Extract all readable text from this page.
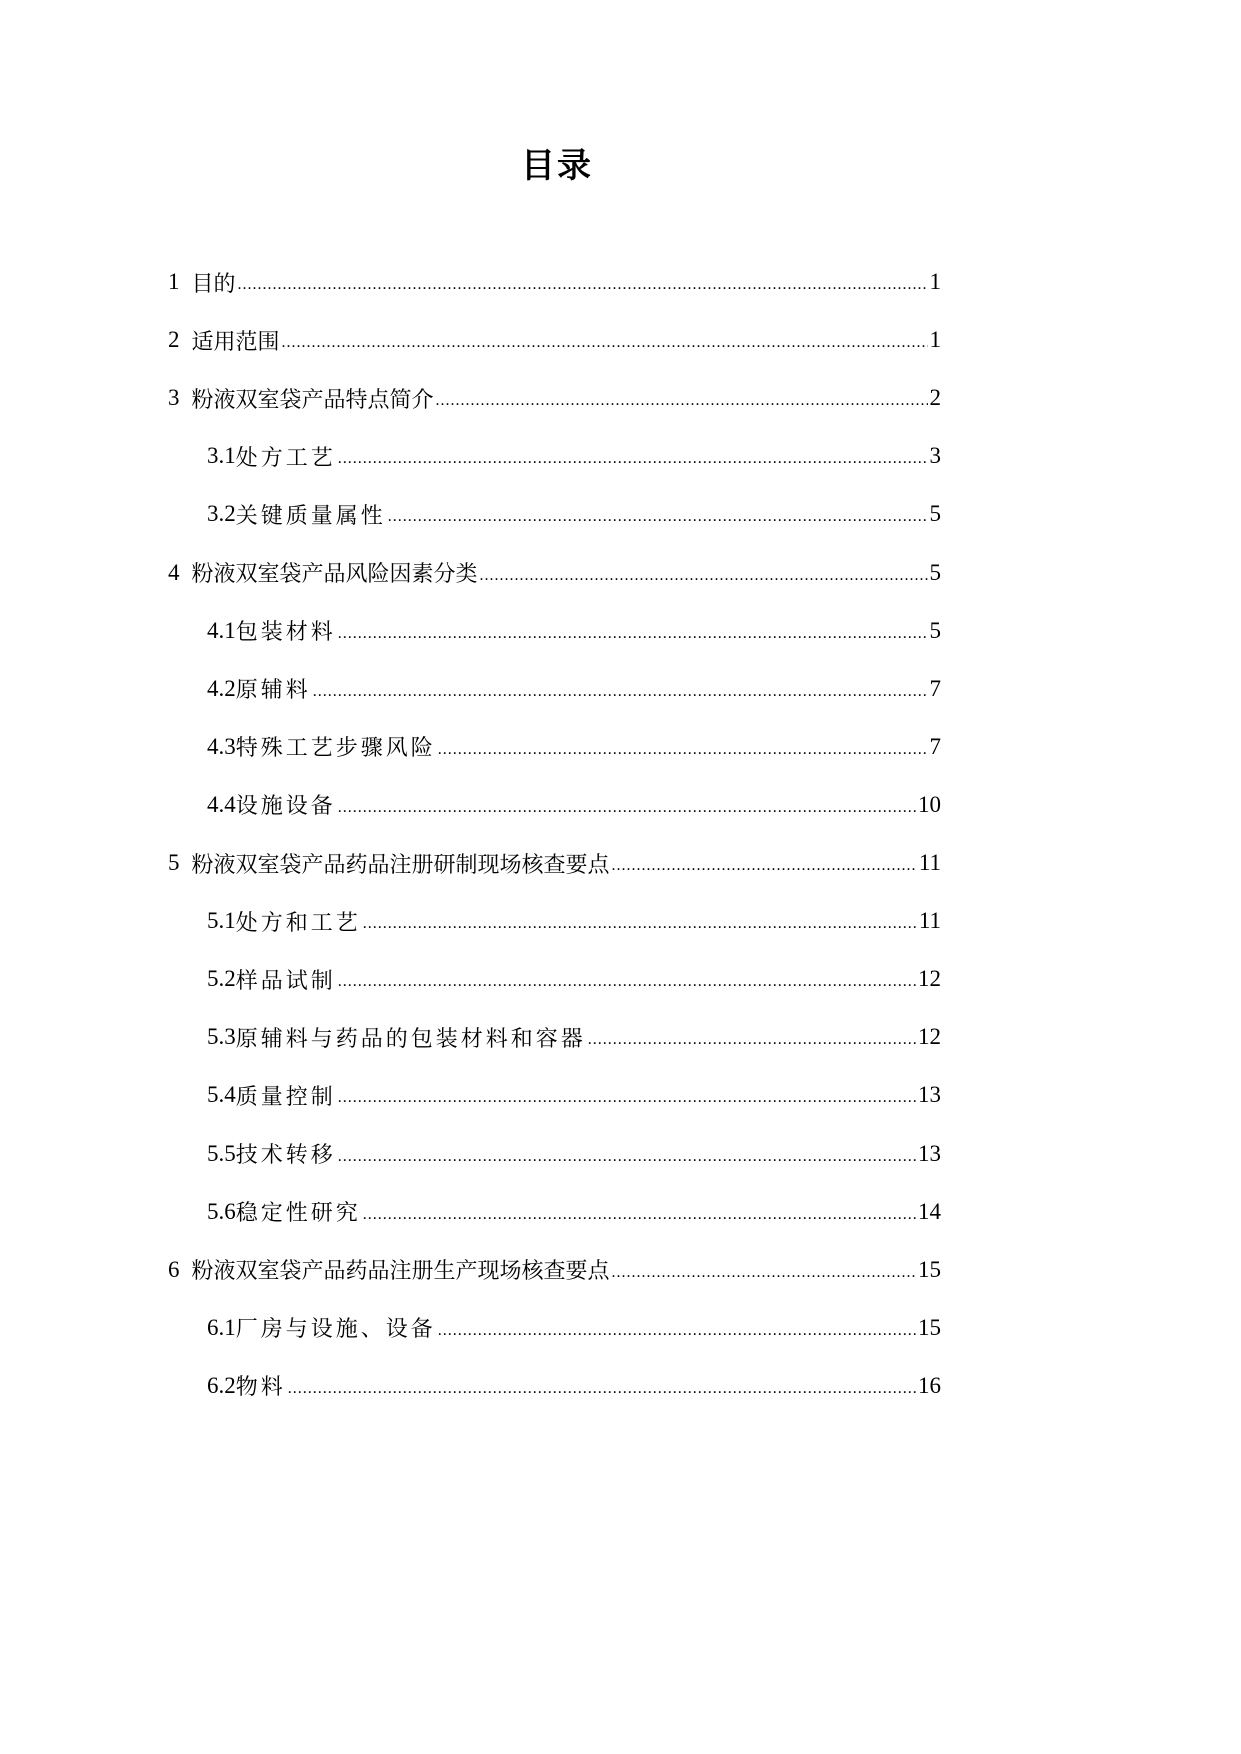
目录
1 目的 .....	1
2 适用范围 .....	1
3 粉液双室袋产品特点简介 .....	2
3.1 处方工艺 .....	3
3.2 关键质量属性 .....	5
4 粉液双室袋产品风险因素分类 .....	5
4.1 包装材料 .....	5
4.2 原辅料 .....	7
4.3 特殊工艺步骤风险 .....	7
4.4 设施设备 .....	10
5 粉液双室袋产品药品注册研制现场核查要点 .....	11
5.1 处方和工艺 .....	11
5.2 样品试制 .....	12
5.3 原辅料与药品的包装材料和容器 .....	12
5.4 质量控制 .....	13
5.5 技术转移 .....	13
5.6 稳定性研究 .....	14
6 粉液双室袋产品药品注册生产现场核查要点 .....	15
6.1 厂房与设施、设备 .....	15
6.2 物料 .....	16
